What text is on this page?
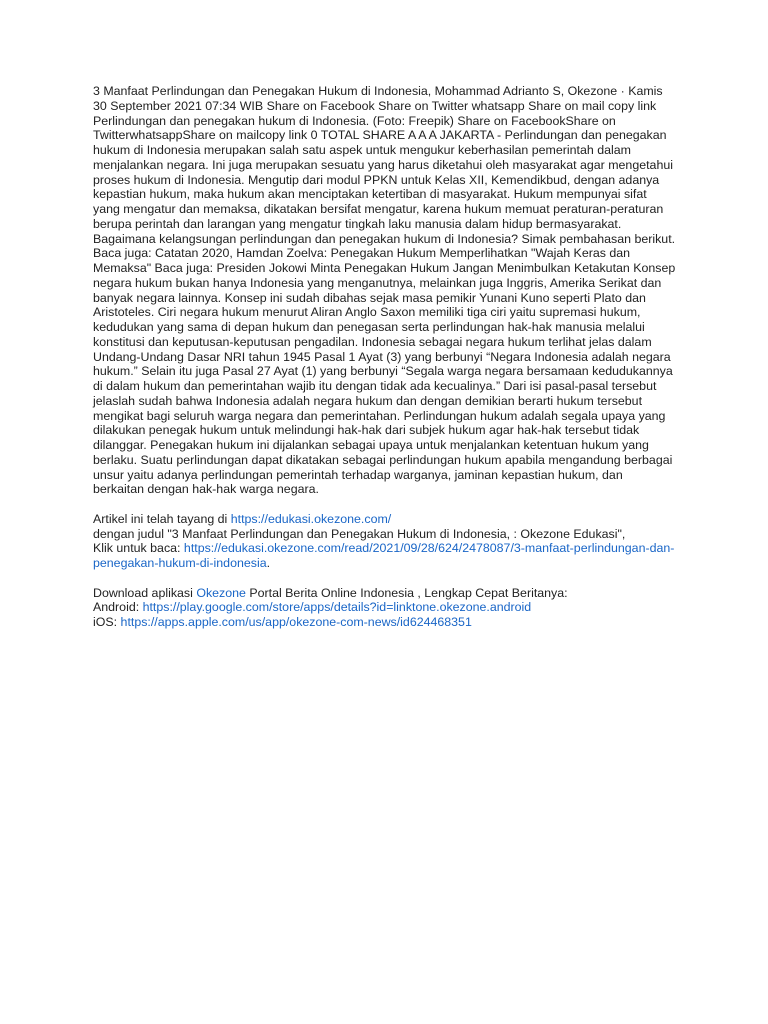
3 Manfaat Perlindungan dan Penegakan Hukum di Indonesia, Mohammad Adrianto S, Okezone · Kamis 30 September 2021 07:34 WIB Share on Facebook Share on Twitter whatsapp Share on mail copy link Perlindungan dan penegakan hukum di Indonesia. (Foto: Freepik) Share on FacebookShare on TwitterwhatsappShare on mailcopy link 0 TOTAL SHARE A A A JAKARTA - Perlindungan dan penegakan hukum di Indonesia merupakan salah satu aspek untuk mengukur keberhasilan pemerintah dalam menjalankan negara. Ini juga merupakan sesuatu yang harus diketahui oleh masyarakat agar mengetahui proses hukum di Indonesia. Mengutip dari modul PPKN untuk Kelas XII, Kemendikbud, dengan adanya kepastian hukum, maka hukum akan menciptakan ketertiban di masyarakat. Hukum mempunyai sifat yang mengatur dan memaksa, dikatakan bersifat mengatur, karena hukum memuat peraturan-peraturan berupa perintah dan larangan yang mengatur tingkah laku manusia dalam hidup bermasyarakat. Bagaimana kelangsungan perlindungan dan penegakan hukum di Indonesia? Simak pembahasan berikut. Baca juga: Catatan 2020, Hamdan Zoelva: Penegakan Hukum Memperlihatkan "Wajah Keras dan Memaksa" Baca juga: Presiden Jokowi Minta Penegakan Hukum Jangan Menimbulkan Ketakutan Konsep negara hukum bukan hanya Indonesia yang menganutnya, melainkan juga Inggris, Amerika Serikat dan banyak negara lainnya. Konsep ini sudah dibahas sejak masa pemikir Yunani Kuno seperti Plato dan Aristoteles. Ciri negara hukum menurut Aliran Anglo Saxon memiliki tiga ciri yaitu supremasi hukum, kedudukan yang sama di depan hukum dan penegasan serta perlindungan hak-hak manusia melalui konstitusi dan keputusan-keputusan pengadilan. Indonesia sebagai negara hukum terlihat jelas dalam Undang-Undang Dasar NRI tahun 1945 Pasal 1 Ayat (3) yang berbunyi “Negara Indonesia adalah negara hukum.” Selain itu juga Pasal 27 Ayat (1) yang berbunyi “Segala warga negara bersamaan kedudukannya di dalam hukum dan pemerintahan wajib itu dengan tidak ada kecualinya.” Dari isi pasal-pasal tersebut jelaslah sudah bahwa Indonesia adalah negara hukum dan dengan demikian berarti hukum tersebut mengikat bagi seluruh warga negara dan pemerintahan. Perlindungan hukum adalah segala upaya yang dilakukan penegak hukum untuk melindungi hak-hak dari subjek hukum agar hak-hak tersebut tidak dilanggar. Penegakan hukum ini dijalankan sebagai upaya untuk menjalankan ketentuan hukum yang berlaku. Suatu perlindungan dapat dikatakan sebagai perlindungan hukum apabila mengandung berbagai unsur yaitu adanya perlindungan pemerintah terhadap warganya, jaminan kepastian hukum, dan berkaitan dengan hak-hak warga negara.

Artikel ini telah tayang di https://edukasi.okezone.com/
dengan judul "3 Manfaat Perlindungan dan Penegakan Hukum di Indonesia, : Okezone Edukasi",
Klik untuk baca: https://edukasi.okezone.com/read/2021/09/28/624/2478087/3-manfaat-perlindungan-dan-penegakan-hukum-di-indonesia.

Download aplikasi Okezone Portal Berita Online Indonesia , Lengkap Cepat Beritanya:
Android: https://play.google.com/store/apps/details?id=linktone.okezone.android
iOS: https://apps.apple.com/us/app/okezone-com-news/id624468351
